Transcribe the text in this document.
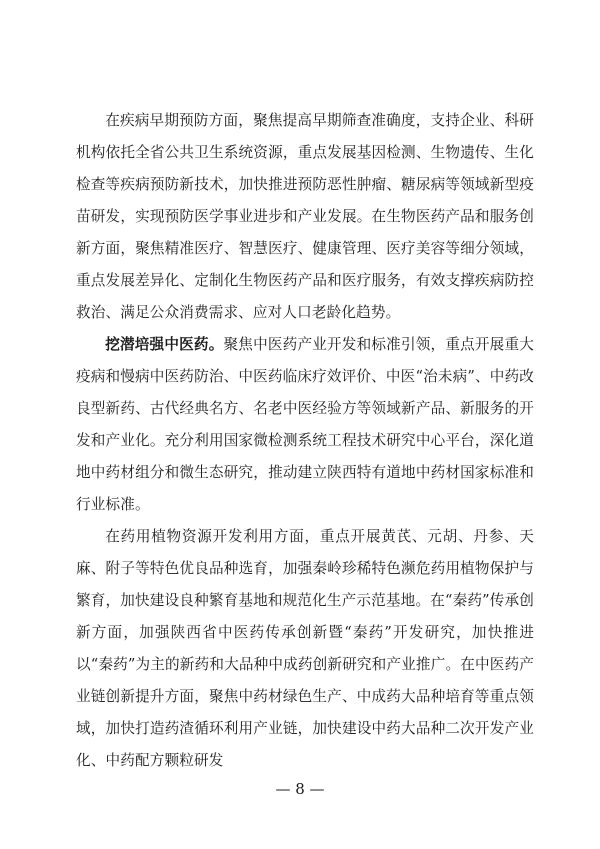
在疾病早期预防方面，聚焦提高早期筛查准确度，支持企业、科研机构依托全省公共卫生系统资源，重点发展基因检测、生物遗传、生化检查等疾病预防新技术，加快推进预防恶性肿瘤、糖尿病等领域新型疫苗研发，实现预防医学事业进步和产业发展。在生物医药产品和服务创新方面，聚焦精准医疗、智慧医疗、健康管理、医疗美容等细分领域，重点发展差异化、定制化生物医药产品和医疗服务，有效支撑疾病防控救治、满足公众消费需求、应对人口老龄化趋势。

挖潜培强中医药。聚焦中医药产业开发和标准引领，重点开展重大疫病和慢病中医药防治、中医药临床疗效评价、中医“治未病”、中药改良型新药、古代经典名方、名老中医经验方等领域新产品、新服务的开发和产业化。充分利用国家微检测系统工程技术研究中心平台，深化道地中药材组分和微生态研究，推动建立陕西特有道地中药材国家标准和行业标准。

在药用植物资源开发利用方面，重点开展黄芪、元胡、丹参、天麻、附子等特色优良品种选育，加强秦岭珍稀特色濒危药用植物保护与繁育，加快建设良种繁育基地和规范化生产示范基地。在“秦药”传承创新方面，加强陕西省中医药传承创新暨“秦药”开发研究，加快推进以“秦药”为主的新药和大品种中成药创新研究和产业推广。在中医药产业链创新提升方面，聚焦中药材绿色生产、中成药大品种培育等重点领域，加快打造药渣循环利用产业链，加快建设中药大品种二次开发产业化、中药配方颗粒研发

— 8 —
